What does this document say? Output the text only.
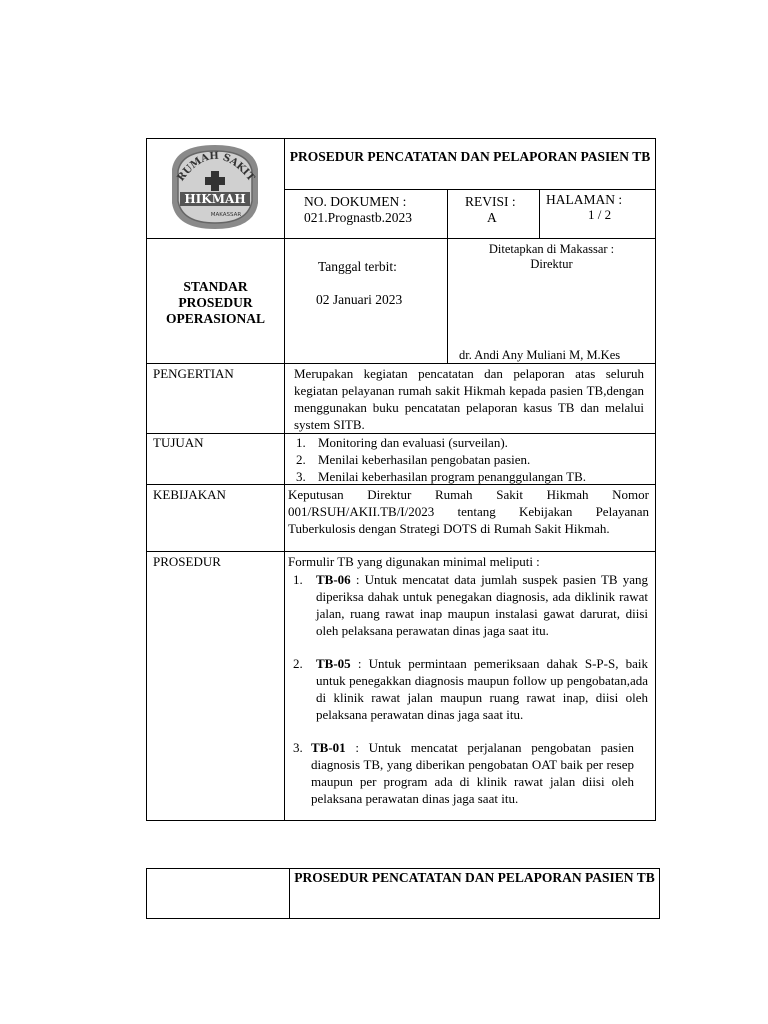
RUMAH SAKIT
HIKMAH
MAKASSAR
PROSEDUR PENCATATAN DAN PELAPORAN PASIEN TB
NO. DOKUMEN :
021.Prognastb.2023
REVISI :
A
HALAMAN :
1 / 2
STANDAR
PROSEDUR
OPERASIONAL
Tanggal terbit:
02 Januari 2023
Ditetapkan di Makassar :
Direktur
dr. Andi Any Muliani M, M.Kes
PENGERTIAN	Merupakan kegiatan pencatatan dan pelaporan atas seluruh kegiatan pelayanan rumah sakit Hikmah kepada pasien TB,dengan menggunakan buku pencatatan pelaporan kasus TB dan melalui system SITB.
TUJUAN	1. Monitoring dan evaluasi (surveilan).
2. Menilai keberhasilan pengobatan pasien.
3. Menilai keberhasilan program penanggulangan TB.
KEBIJAKAN	Keputusan Direktur Rumah Sakit Hikmah Nomor 001/RSUH/AKII.TB/I/2023 tentang Kebijakan Pelayanan Tuberkulosis dengan Strategi DOTS di Rumah Sakit Hikmah.
PROSEDUR	Formulir TB yang digunakan minimal meliputi :
1. TB-06 : Untuk mencatat data jumlah suspek pasien TB yang diperiksa dahak untuk penegakan diagnosis, ada diklinik rawat jalan, ruang rawat inap maupun instalasi gawat darurat, diisi oleh pelaksana perawatan dinas jaga saat itu.
2. TB-05 : Untuk permintaan pemeriksaan dahak S-P-S, baik untuk penegakkan diagnosis maupun follow up pengobatan,ada di klinik rawat jalan maupun ruang rawat inap, diisi oleh pelaksana perawatan dinas jaga saat itu.
3. TB-01 : Untuk mencatat perjalanan pengobatan pasien diagnosis TB, yang diberikan pengobatan OAT baik per resep maupun per program ada di klinik rawat jalan diisi oleh pelaksana perawatan dinas jaga saat itu.
PROSEDUR PENCATATAN DAN PELAPORAN PASIEN TB
